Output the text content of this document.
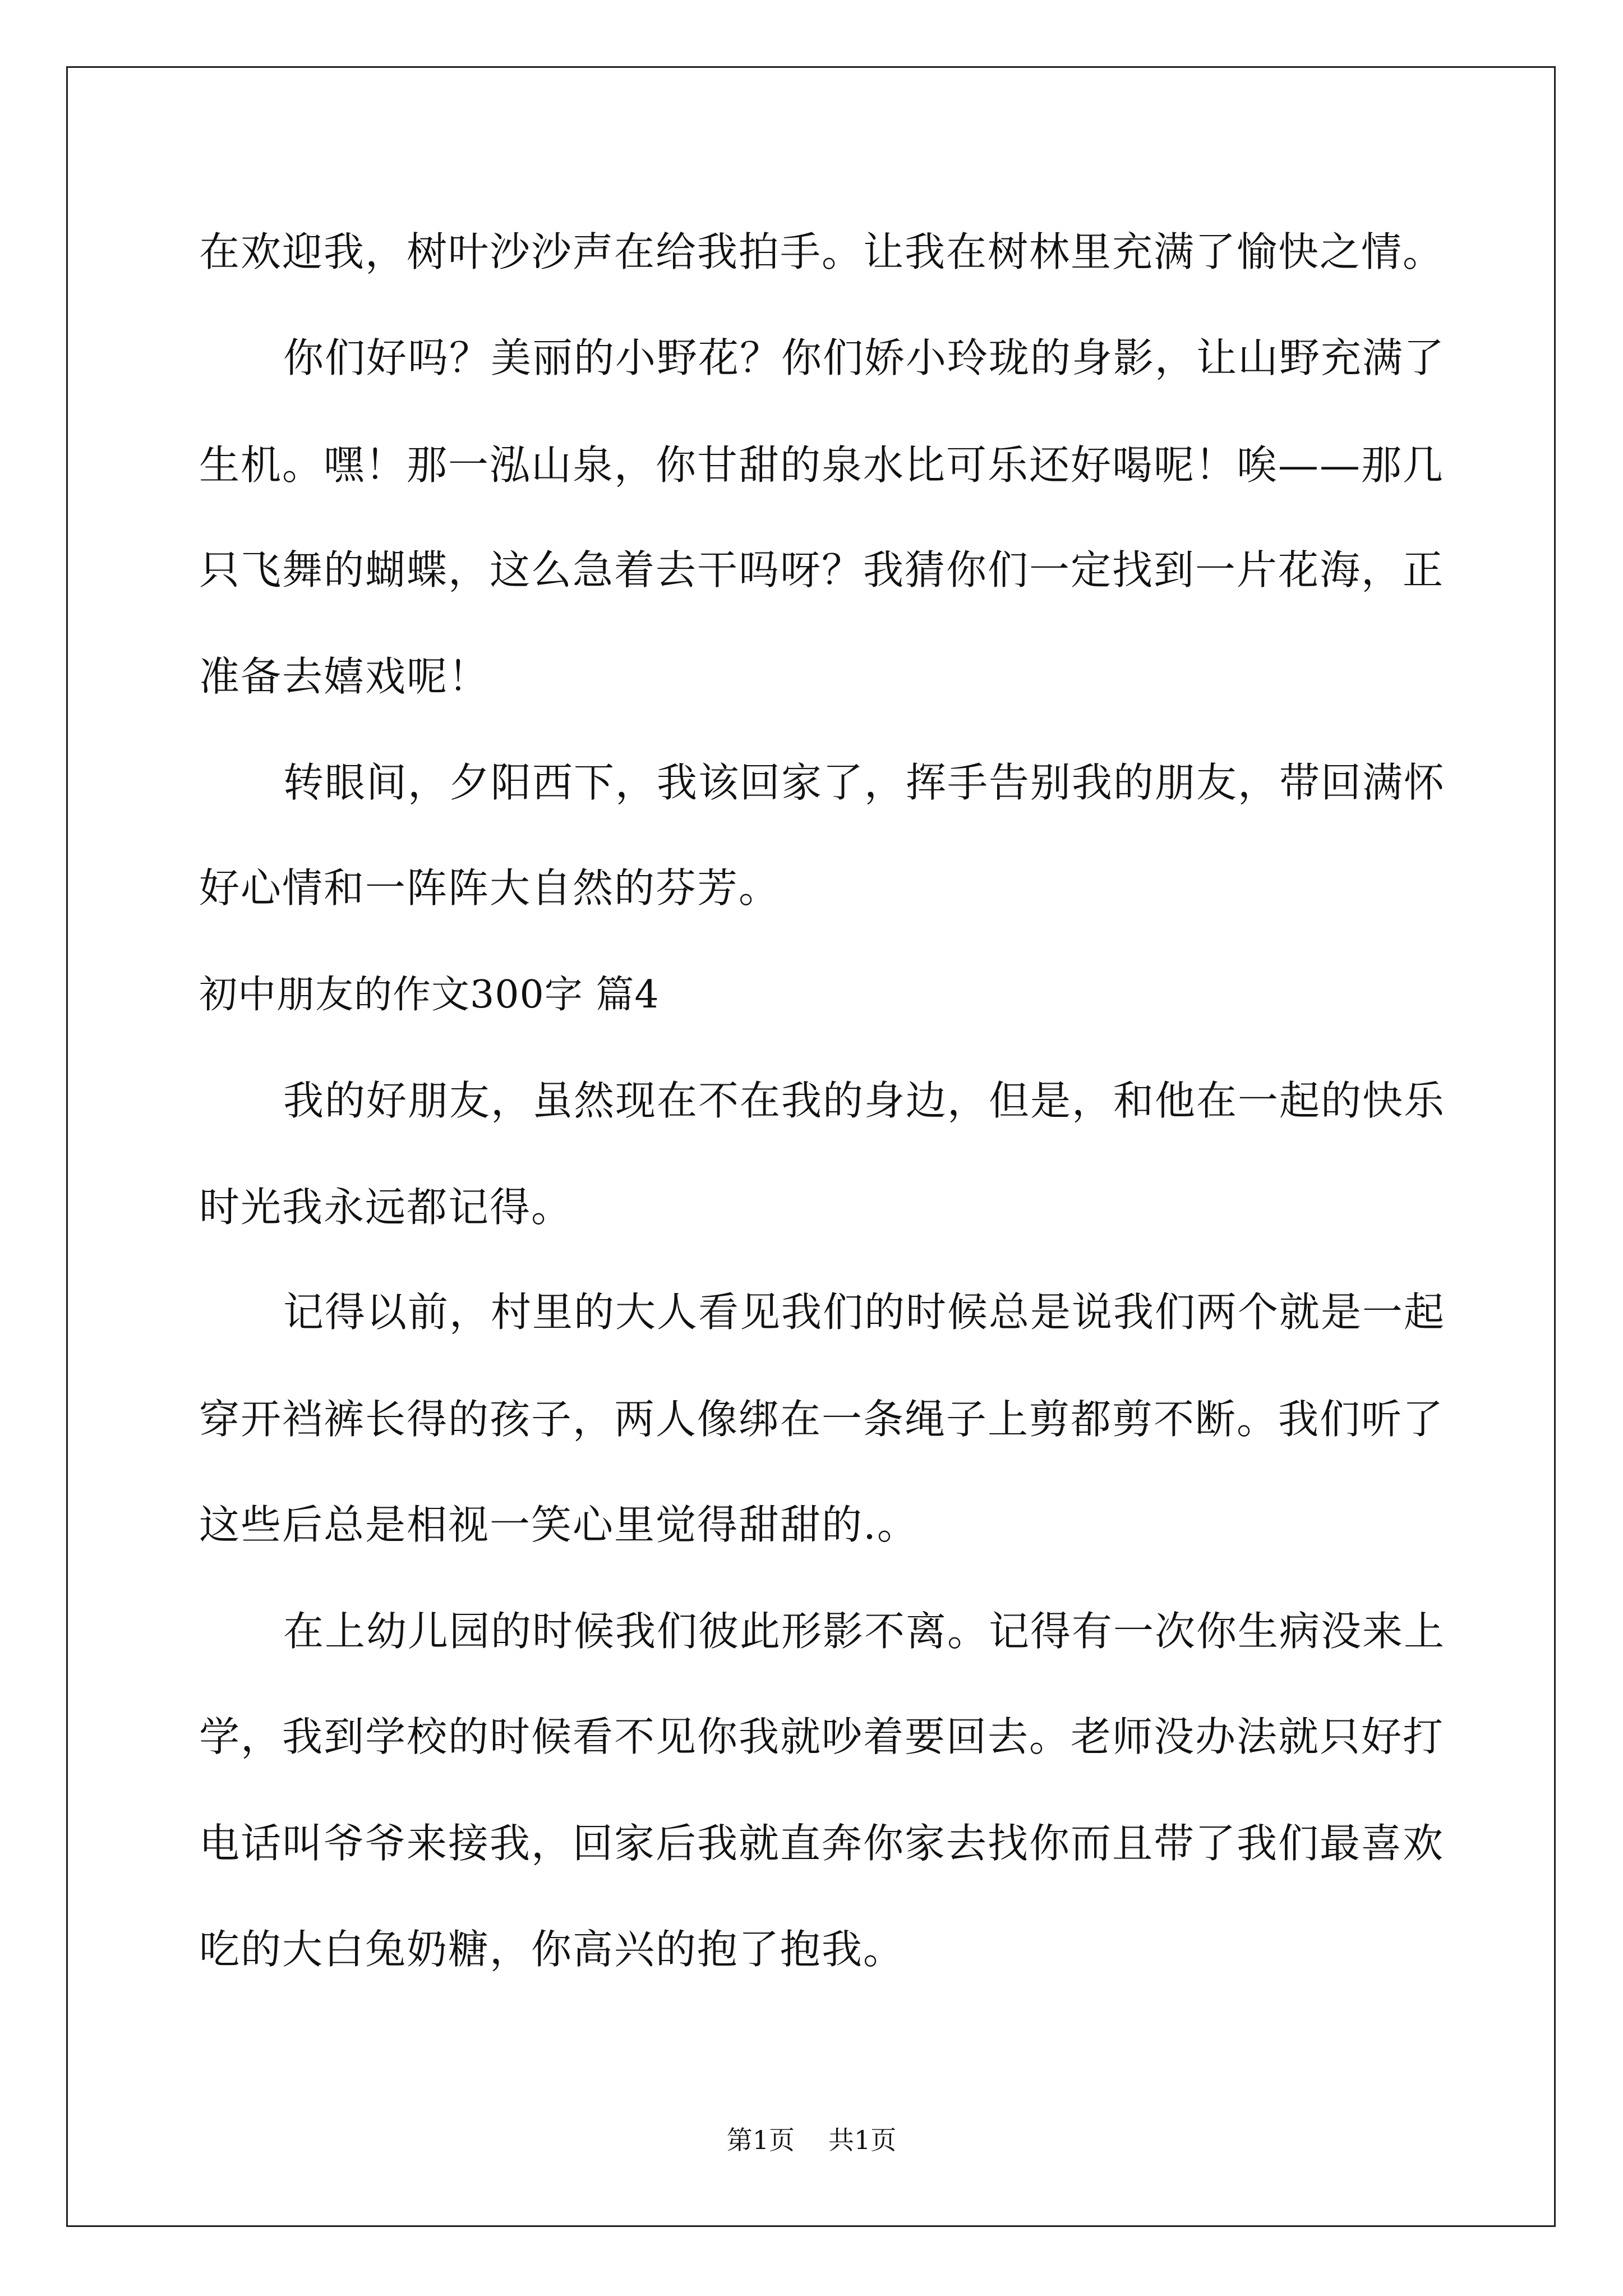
在欢迎我，树叶沙沙声在给我拍手。让我在树林里充满了愉快之情。
你们好吗？美丽的小野花？你们娇小玲珑的身影，让山野充满了
生机。嘿！那一泓山泉，你甘甜的泉水比可乐还好喝呢！唉——那几
只飞舞的蝴蝶，这么急着去干吗呀？我猜你们一定找到一片花海，正
准备去嬉戏呢！
转眼间，夕阳西下，我该回家了，挥手告别我的朋友，带回满怀
好心情和一阵阵大自然的芬芳。
初中朋友的作文300字 篇4
我的好朋友，虽然现在不在我的身边，但是，和他在一起的快乐
时光我永远都记得。
记得以前，村里的大人看见我们的时候总是说我们两个就是一起
穿开裆裤长得的孩子，两人像绑在一条绳子上剪都剪不断。我们听了
这些后总是相视一笑心里觉得甜甜的.。
在上幼儿园的时候我们彼此形影不离。记得有一次你生病没来上
学，我到学校的时候看不见你我就吵着要回去。老师没办法就只好打
电话叫爷爷来接我，回家后我就直奔你家去找你而且带了我们最喜欢
吃的大白兔奶糖，你高兴的抱了抱我。
第1页 共1页
